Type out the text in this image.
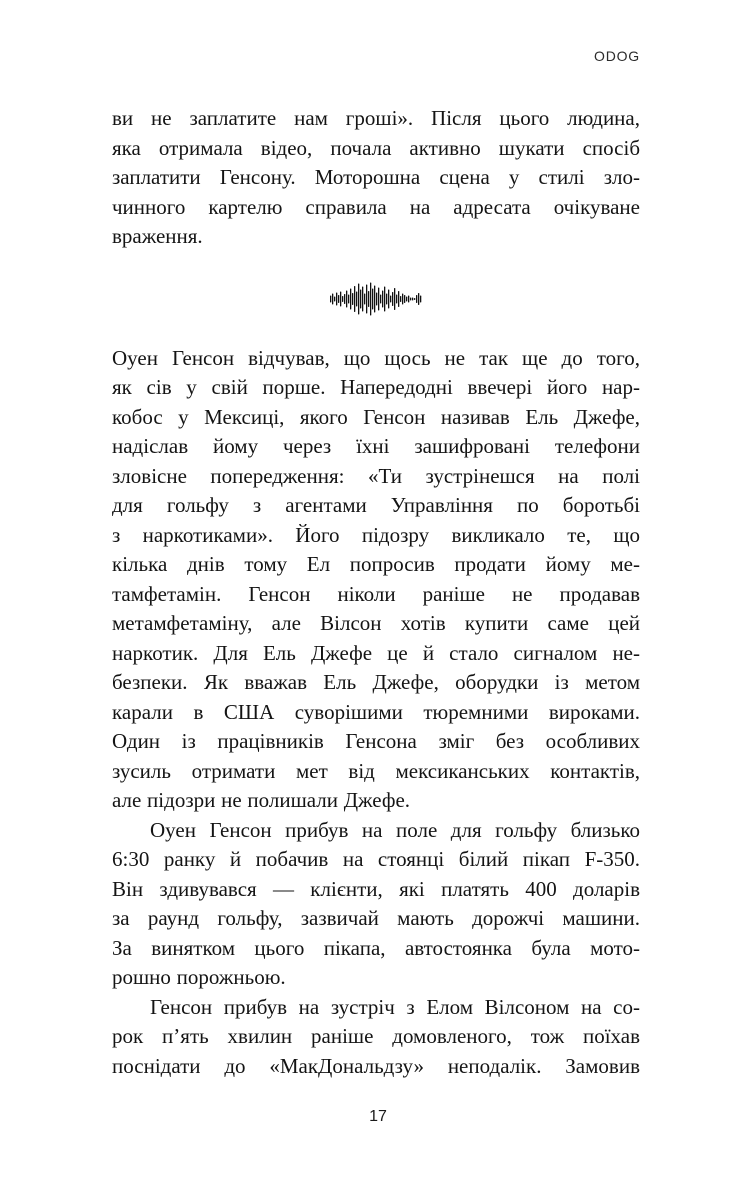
ODOG
ви не заплатите нам гроші». Після цього людина,
яка отримала відео, почала активно шукати спосіб
заплатити Генсону. Моторошна сцена у стилі зло-
чинного картелю справила на адресата очікуване
враження.
Оуен Генсон відчував, що щось не так ще до того,
як сів у свій порше. Напередодні ввечері його нар-
кобос у Мексиці, якого Генсон називав Ель Джефе,
надіслав йому через їхні зашифровані телефони
зловісне попередження: «Ти зустрінешся на полі
для гольфу з агентами Управління по боротьбі
з наркотиками». Його підозру викликало те, що
кілька днів тому Ел попросив продати йому ме-
тамфетамін. Генсон ніколи раніше не продавав
метамфетаміну, але Вілсон хотів купити саме цей
наркотик. Для Ель Джефе це й стало сигналом не-
безпеки. Як вважав Ель Джефе, оборудки із метом
карали в США суворішими тюремними вироками.
Один із працівників Генсона зміг без особливих
зусиль отримати мет від мексиканських контактів,
але підозри не полишали Джефе.
Оуен Генсон прибув на поле для гольфу близько
6:30 ранку й побачив на стоянці білий пікап F-350.
Він здивувався — клієнти, які платять 400 доларів
за раунд гольфу, зазвичай мають дорожчі машини.
За винятком цього пікапа, автостоянка була мото-
рошно порожньою.
Генсон прибув на зустріч з Елом Вілсоном на со-
рок п’ять хвилин раніше домовленого, тож поїхав
поснідати до «МакДональдзу» неподалік. Замовив
17
